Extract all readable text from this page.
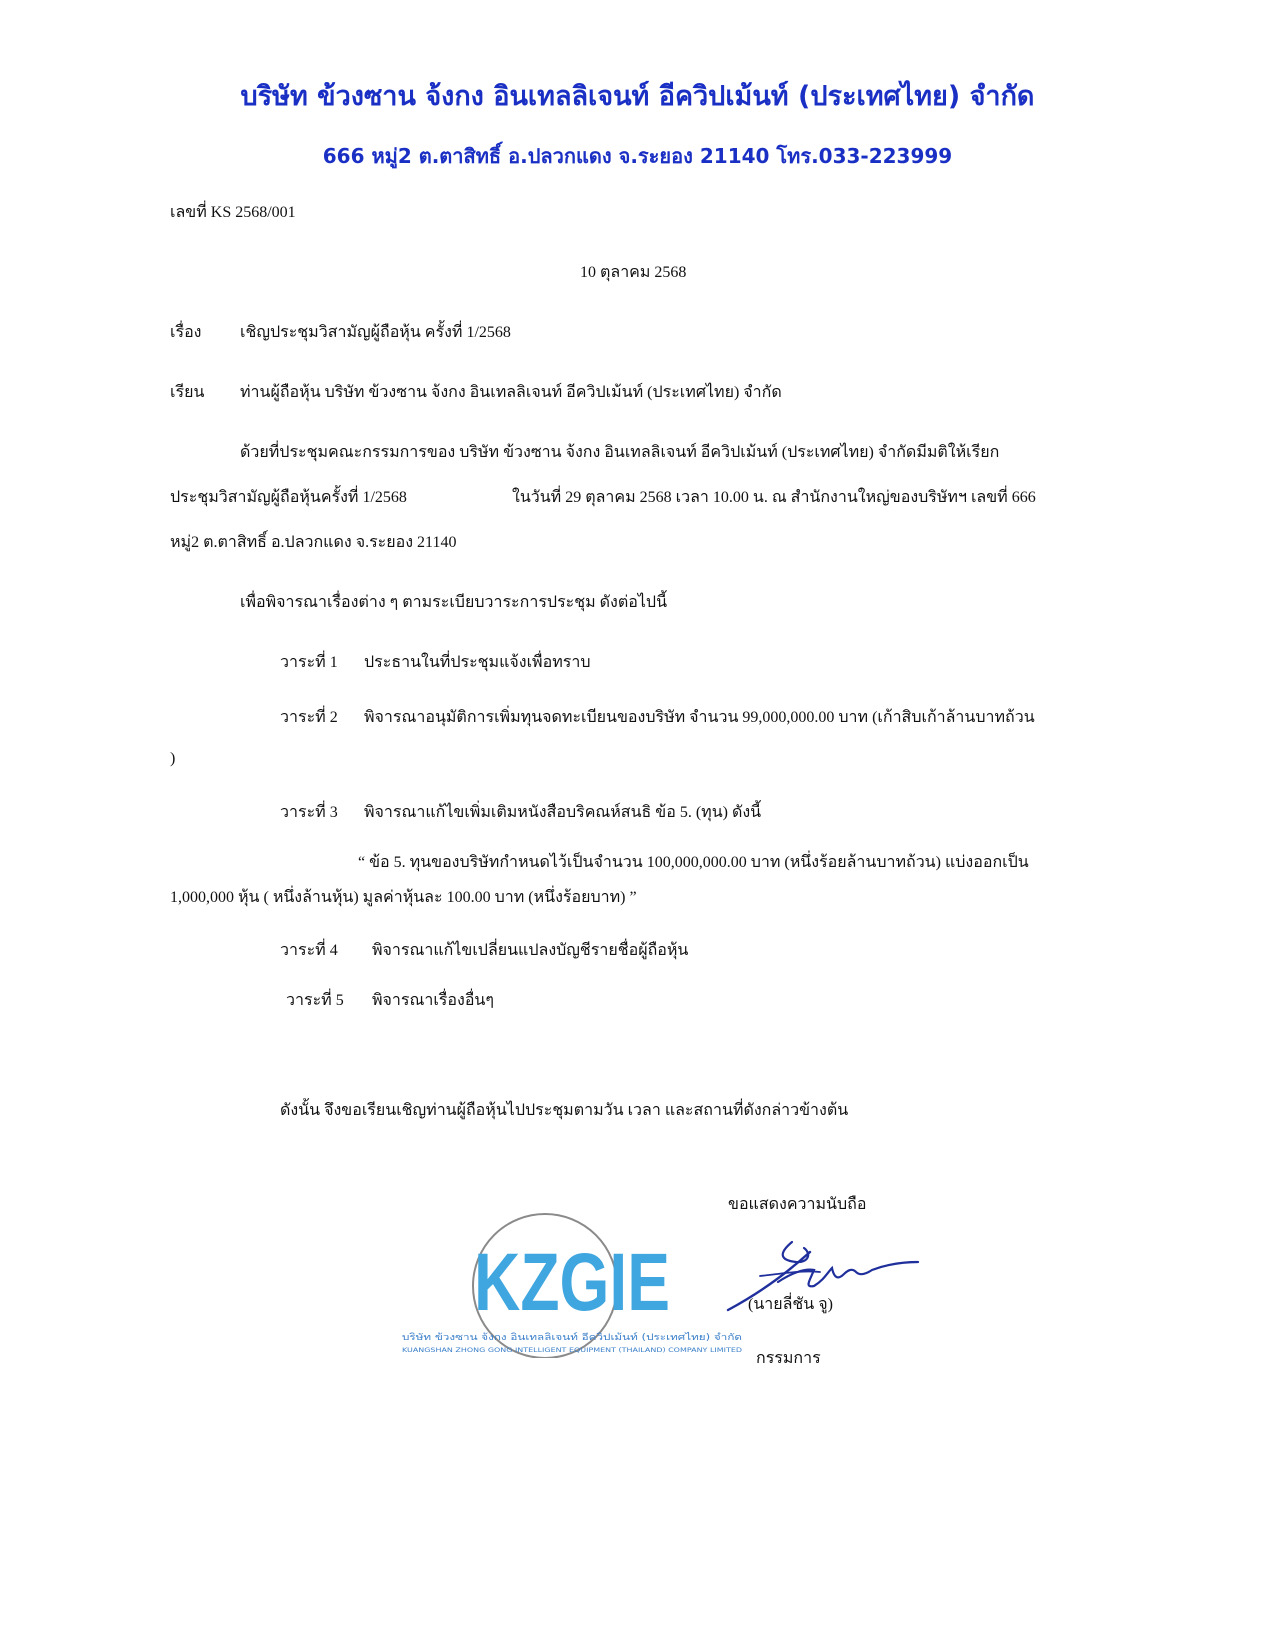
บริษัท ข้วงซาน จ้งกง อินเทลลิเจนท์ อีควิปเม้นท์ (ประเทศไทย) จำกัด
666 หมู่2 ต.ตาสิทธิ์ อ.ปลวกแดง จ.ระยอง 21140 โทร.033-223999
เลขที่ KS 2568/001
10 ตุลาคม 2568
เรื่อง เชิญประชุมวิสามัญผู้ถือหุ้น ครั้งที่ 1/2568
เรียน ท่านผู้ถือหุ้น บริษัท ข้วงซาน จ้งกง อินเทลลิเจนท์ อีควิปเม้นท์ (ประเทศไทย) จำกัด
ด้วยที่ประชุมคณะกรรมการของ บริษัท ข้วงซาน จ้งกง อินเทลลิเจนท์ อีควิปเม้นท์ (ประเทศไทย) จำกัดมีมติให้เรียก
ประชุมวิสามัญผู้ถือหุ้นครั้งที่ 1/2568	ในวันที่ 29 ตุลาคม 2568 เวลา 10.00 น. ณ สำนักงานใหญ่ของบริษัทฯ เลขที่ 666
หมู่2 ต.ตาสิทธิ์ อ.ปลวกแดง จ.ระยอง 21140
เพื่อพิจารณาเรื่องต่าง ๆ ตามระเบียบวาระการประชุม ดังต่อไปนี้
วาระที่ 1 ประธานในที่ประชุมแจ้งเพื่อทราบ
วาระที่ 2 พิจารณาอนุมัติการเพิ่มทุนจดทะเบียนของบริษัท จำนวน 99,000,000.00 บาท (เก้าสิบเก้าล้านบาทถ้วน
)
วาระที่ 3 พิจารณาแก้ไขเพิ่มเติมหนังสือบริคณห์สนธิ ข้อ 5. (ทุน) ดังนี้
“ ข้อ 5. ทุนของบริษัทกำหนดไว้เป็นจำนวน 100,000,000.00 บาท (หนึ่งร้อยล้านบาทถ้วน) แบ่งออกเป็น
1,000,000 หุ้น ( หนึ่งล้านหุ้น) มูลค่าหุ้นละ 100.00 บาท (หนึ่งร้อยบาท) ”
วาระที่ 4 พิจารณาแก้ไขเปลี่ยนแปลงบัญชีรายชื่อผู้ถือหุ้น
วาระที่ 5 พิจารณาเรื่องอื่นๆ
ดังนั้น จึงขอเรียนเชิญท่านผู้ถือหุ้นไปประชุมตามวัน เวลา และสถานที่ดังกล่าวข้างต้น
ขอแสดงความนับถือ
KZGIE
บริษัท ข้วงซาน จ้งกง อินเทลลิเจนท์ อีควิปเม้นท์ (ประเทศไทย) จำกัด
KUANGSHAN ZHONG GONG INTELLIGENT EQUIPMENT (THAILAND) COMPANY LIMITED
(นายลี่ชัน จู)
กรรมการ
